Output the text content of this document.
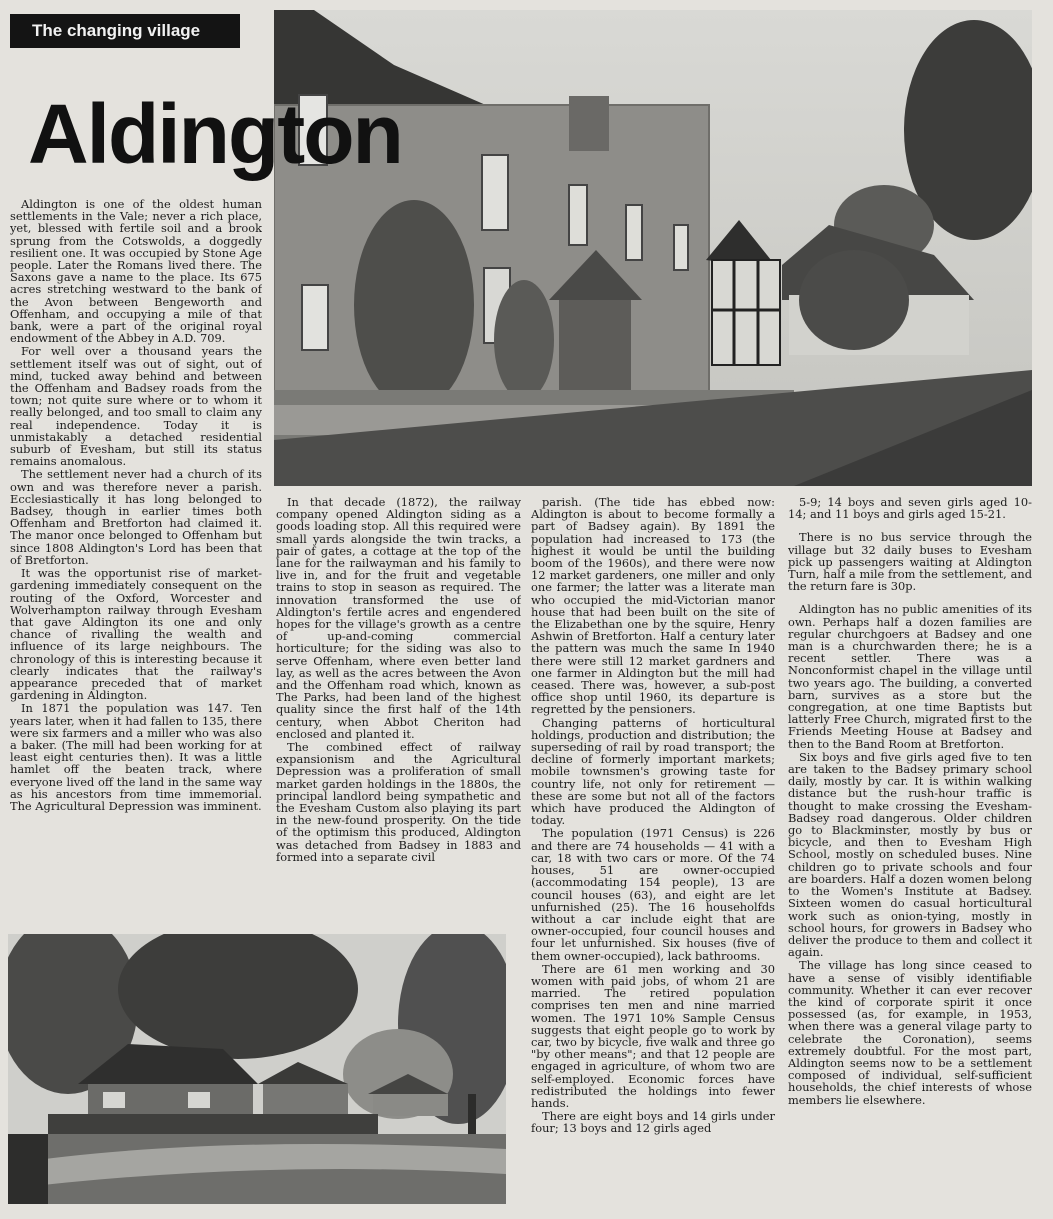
The changing village
Aldington

Aldington is one of the oldest human settlements in the Vale; never a rich place, yet, blessed with fertile soil and a brook sprung from the Cotswolds, a doggedly resilient one. It was occupied by Stone Age people. Later the Romans lived there. The Saxons gave a name to the place. Its 675 acres stretching westward to the bank of the Avon between Bengeworth and Offenham, and occupying a mile of that bank, were a part of the original royal endowment of the Abbey in A.D. 709.

For well over a thousand years the settlement itself was out of sight, out of mind, tucked away behind and between the Offenham and Badsey roads from the town; not quite sure where or to whom it really belonged, and too small to claim any real independence. Today it is unmistakably a detached residential suburb of Evesham, but still its status remains anomalous.

The settlement never had a church of its own and was therefore never a parish. Ecclesiastically it has long belonged to Badsey, though in earlier times both Offenham and Bretforton had claimed it. The manor once belonged to Offenham but since 1808 Aldington's Lord has been that of Bretforton.

It was the opportunist rise of market-gardening immediately consequent on the routing of the Oxford, Worcester and Wolverhampton railway through Evesham that gave Aldington its one and only chance of rivalling the wealth and influence of its large neighbours. The chronology of this is interesting because it clearly indicates that the railway's appearance preceded that of market gardening in Aldington.

In 1871 the population was 147. Ten years later, when it had fallen to 135, there were six farmers and a miller who was also a baker. (The mill had been working for at least eight centuries then). It was a little hamlet off the beaten track, where everyone lived off the land in the same way as his ancestors from time immemorial. The Agricultural Depression was imminent.

In that decade (1872), the railway company opened Aldington siding as a goods loading stop. All this required were small yards alongside the twin tracks, a pair of gates, a cottage at the top of the lane for the railwayman and his family to live in, and for the fruit and vegetable trains to stop in season as required. The innovation transformed the use of Aldington's fertile acres and engendered hopes for the village's growth as a centre of up-and-coming commercial horticulture; for the siding was also to serve Offenham, where even better land lay, as well as the acres between the Avon and the Offenham road which, known as The Parks, had been land of the highest quality since the first half of the 14th century, when Abbot Cheriton had enclosed and planted it.

The combined effect of railway expansionism and the Agricultural Depression was a proliferation of small market garden holdings in the 1880s, the principal landlord being sympathetic and the Evesham Custom also playing its part in the new-found prosperity. On the tide of the optimism this produced, Aldington was detached from Badsey in 1883 and formed into a separate civil

parish. (The tide has ebbed now: Aldington is about to become formally a part of Badsey again). By 1891 the population had increased to 173 (the highest it would be until the building boom of the 1960s), and there were now 12 market gardeners, one miller and only one farmer; the latter was a literate man who occupied the mid-Victorian manor house that had been built on the site of the Elizabethan one by the squire, Henry Ashwin of Bretforton. Half a century later the pattern was much the same In 1940 there were still 12 market gardners and one farmer in Aldington but the mill had ceased. There was, however, a sub-post office shop until 1960, its departure is regretted by the pensioners.

Changing patterns of horticultural holdings, production and distribution; the superseding of rail by road transport; the decline of formerly important markets; mobile townsmen's growing taste for country life, not only for retirement — these are some but not all of the factors which have produced the Aldington of today.

The population (1971 Census) is 226 and there are 74 households — 41 with a car, 18 with two cars or more. Of the 74 houses, 51 are owner-occupied (accommodating 154 people), 13 are council houses (63), and eight are let unfurnished (25). The 16 householfds without a car include eight that are owner-occupied, four council houses and four let unfurnished. Six houses (five of them owner-occupied), lack bathrooms.

There are 61 men working and 30 women with paid jobs, of whom 21 are married. The retired population comprises ten men and nine married women. The 1971 10% Sample Census suggests that eight people go to work by car, two by bicycle, five walk and three go "by other means"; and that 12 people are engaged in agriculture, of whom two are self-employed. Economic forces have redistributed the holdings into fewer hands.

There are eight boys and 14 girls under four; 13 boys and 12 girls aged

5-9; 14 boys and seven girls aged 10-14; and 11 boys and girls aged 15-21.

There is no bus service through the village but 32 daily buses to Evesham pick up passengers waiting at Aldington Turn, half a mile from the settlement, and the return fare is 30p.

Aldington has no public amenities of its own. Perhaps half a dozen families are regular churchgoers at Badsey and one man is a churchwarden there; he is a recent settler. There was a Nonconformist chapel in the village until two years ago. The building, a converted barn, survives as a store but the congregation, at one time Baptists but latterly Free Church, migrated first to the Friends Meeting House at Badsey and then to the Band Room at Bretforton.

Six boys and five girls aged five to ten are taken to the Badsey primary school daily, mostly by car. It is within walking distance but the rush-hour traffic is thought to make crossing the Evesham-Badsey road dangerous. Older children go to Blackminster, mostly by bus or bicycle, and then to Evesham High School, mostly on scheduled buses. Nine children go to private schools and four are boarders. Half a dozen women belong to the Women's Institute at Badsey. Sixteen women do casual horticultural work such as onion-tying, mostly in school hours, for growers in Badsey who deliver the produce to them and collect it again.

The village has long since ceased to have a sense of visibly identifiable community. Whether it can ever recover the kind of corporate spirit it once possessed (as, for example, in 1953, when there was a general vilage party to celebrate the Coronation), seems extremely doubtful. For the most part, Aldington seems now to be a settlement composed of individual, self-sufficient households, the chief interests of whose members lie elsewhere.
